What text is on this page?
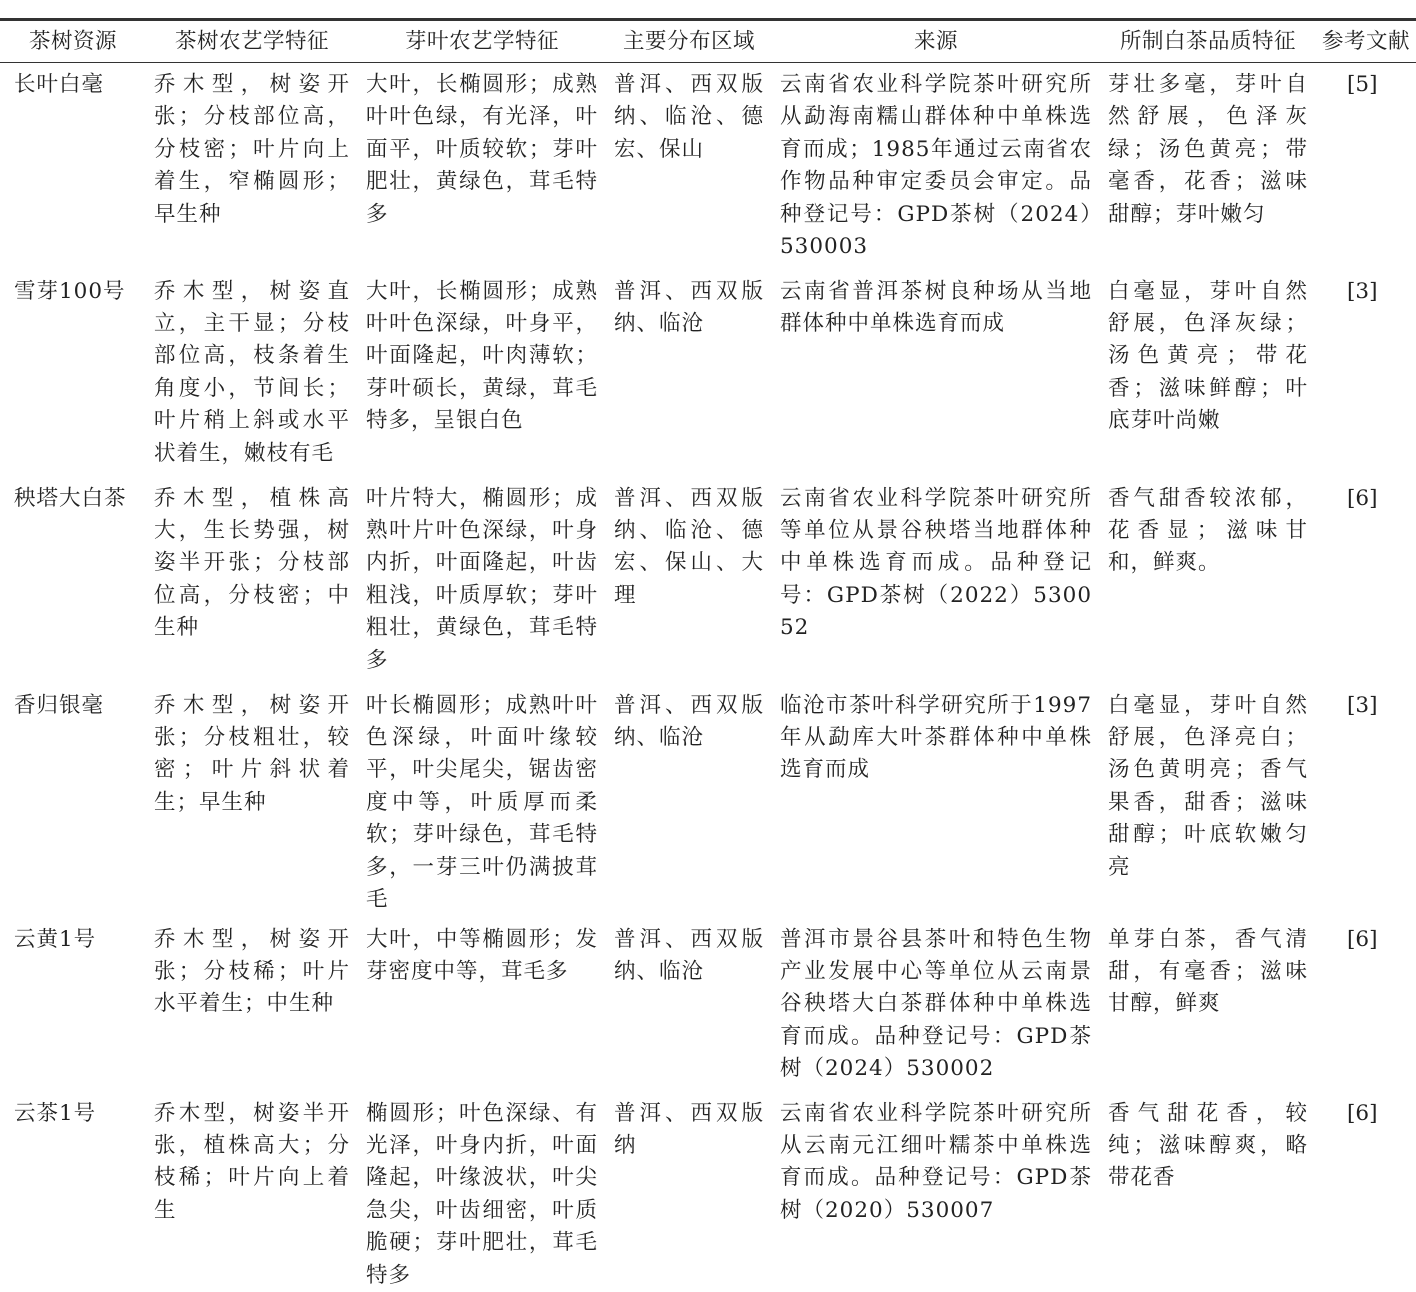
茶树资源	茶树农艺学特征	芽叶农艺学特征	主要分布区域	来源	所制白茶品质特征	参考文献
长叶白毫	乔木型，树姿开张；分枝部位高，分枝密；叶片向上着生，窄椭圆形；早生种	大叶，长椭圆形；成熟叶叶色绿，有光泽，叶面平，叶质较软；芽叶肥壮，黄绿色，茸毛特多	普洱、西双版纳、临沧、德宏、保山	云南省农业科学院茶叶研究所从勐海南糯山群体种中单株选育而成；1985年通过云南省农作物品种审定委员会审定。品种登记号：GPD茶树（2024）530003	芽壮多毫，芽叶自然舒展，色泽灰绿；汤色黄亮；带毫香，花香；滋味甜醇；芽叶嫩匀	[5]
雪芽100号	乔木型，树姿直立，主干显；分枝部位高，枝条着生角度小，节间长；叶片稍上斜或水平状着生，嫩枝有毛	大叶，长椭圆形；成熟叶叶色深绿，叶身平，叶面隆起，叶肉薄软；芽叶硕长，黄绿，茸毛特多，呈银白色	普洱、西双版纳、临沧	云南省普洱茶树良种场从当地群体种中单株选育而成	白毫显，芽叶自然舒展，色泽灰绿；汤色黄亮；带花香；滋味鲜醇；叶底芽叶尚嫩	[3]
秧塔大白茶	乔木型，植株高大，生长势强，树姿半开张；分枝部位高，分枝密；中生种	叶片特大，椭圆形；成熟叶片叶色深绿，叶身内折，叶面隆起，叶齿粗浅，叶质厚软；芽叶粗壮，黄绿色，茸毛特多	普洱、西双版纳、临沧、德宏、保山、大理	云南省农业科学院茶叶研究所等单位从景谷秧塔当地群体种中单株选育而成。品种登记号：GPD茶树（2022）530052	香气甜香较浓郁，花香显；滋味甘和，鲜爽。	[6]
香归银毫	乔木型，树姿开张；分枝粗壮，较密；叶片斜状着生；早生种	叶长椭圆形；成熟叶叶色深绿，叶面叶缘较平，叶尖尾尖，锯齿密度中等，叶质厚而柔软；芽叶绿色，茸毛特多，一芽三叶仍满披茸毛	普洱、西双版纳、临沧	临沧市茶叶科学研究所于1997年从勐库大叶茶群体种中单株选育而成	白毫显，芽叶自然舒展，色泽亮白；汤色黄明亮；香气果香，甜香；滋味甜醇；叶底软嫩匀亮	[3]
云黄1号	乔木型，树姿开张；分枝稀；叶片水平着生；中生种	大叶，中等椭圆形；发芽密度中等，茸毛多	普洱、西双版纳、临沧	普洱市景谷县茶叶和特色生物产业发展中心等单位从云南景谷秧塔大白茶群体种中单株选育而成。品种登记号：GPD茶树（2024）530002	单芽白茶，香气清甜，有毫香；滋味甘醇，鲜爽	[6]
云茶1号	乔木型，树姿半开张，植株高大；分枝稀；叶片向上着生	椭圆形；叶色深绿、有光泽，叶身内折，叶面隆起，叶缘波状，叶尖急尖，叶齿细密，叶质脆硬；芽叶肥壮，茸毛特多	普洱、西双版纳	云南省农业科学院茶叶研究所从云南元江细叶糯茶中单株选育而成。品种登记号：GPD茶树（2020）530007	香气甜花香，较纯；滋味醇爽，略带花香	[6]
